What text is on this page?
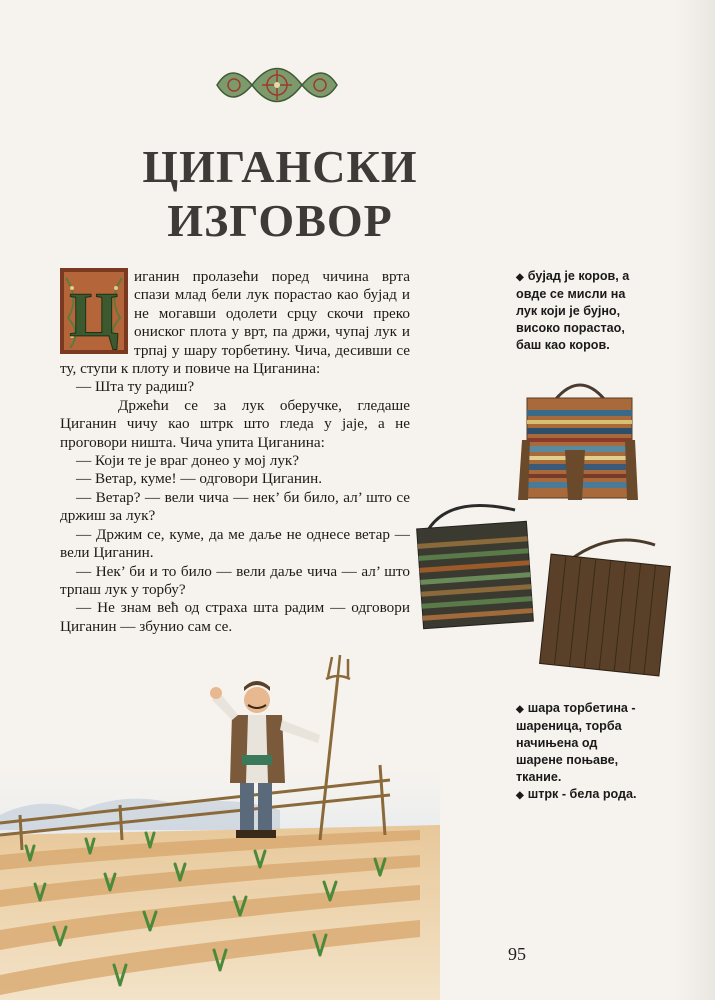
ЦИГАНСКИ
ИЗГОВОР

Ц
иганин пролазећи поред чичина врта спази млад бели лук порастао као бујад и не могавши одолети срцу скочи преко ониског плота у врт, па држи, чупај лук и трпај у шару торбетину. Чича, десивши се ту, ступи к плоту и повиче на Циганина:

— Шта ту радиш?

Држећи се за лук оберучке, гледаше Циганин чичу као штрк што гледа у јаје, а не проговори ништа. Чича упита Циганина:

— Који те је враг донео у мој лук?

— Ветар, куме! — одговори Циганин.

— Ветар? — вели чича — нек’ би било, ал’ што се држиш за лук?

— Држим се, куме, да ме даље не однесе ветар — вели Циганин.

— Нек’ би и то било — вели даље чича — ал’ што трпаш лук у торбу?

— Не знам већ од страха шта радим — одговори Циганин — збунио сам се.

◆ бујад је коров, а овде се мисли на лук који је бујно, високо порастао, баш као коров.

◆ шара торбетина - шареница, торба начињена од шарене поњаве, ткание.

◆ штрк - бела рода.

95
